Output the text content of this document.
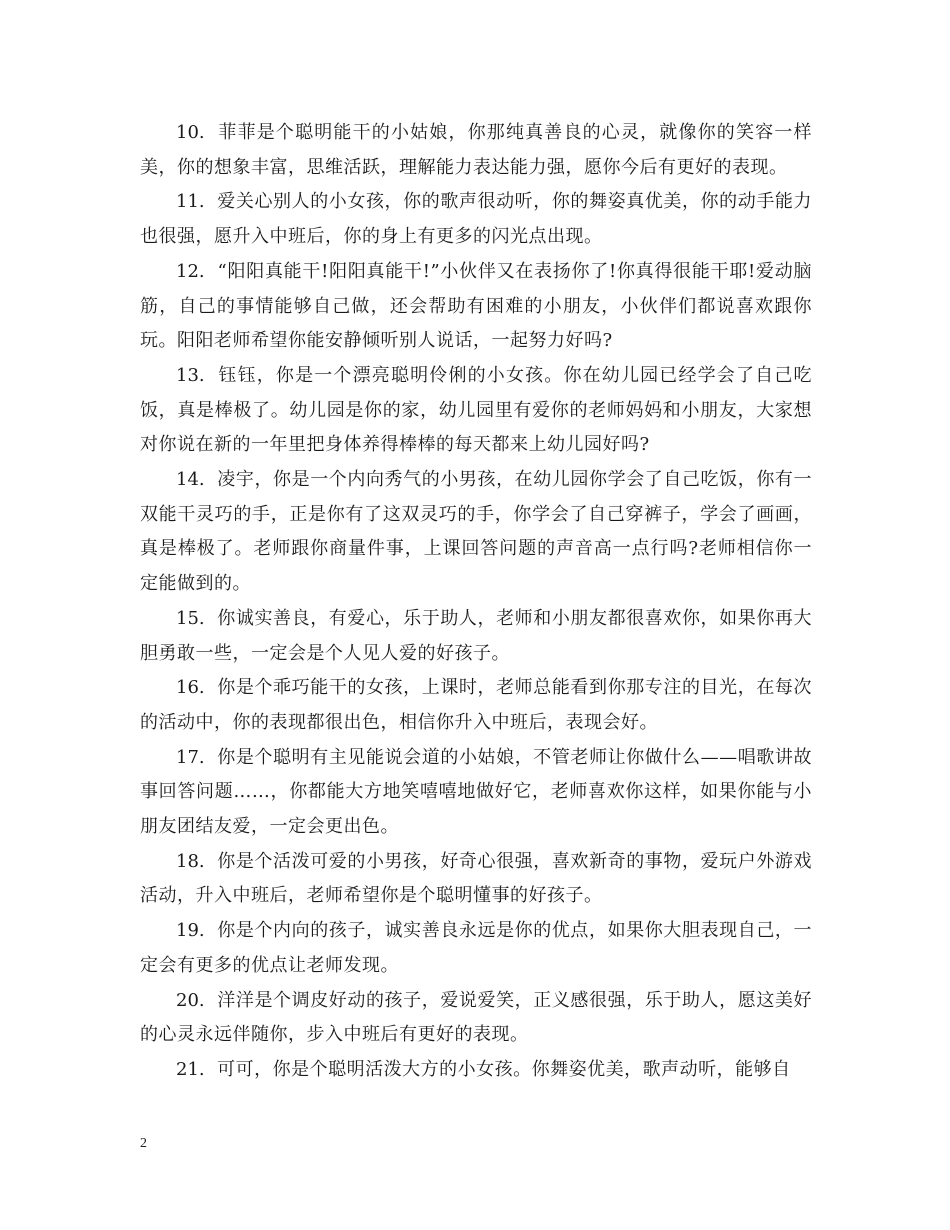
10. 菲菲是个聪明能干的小姑娘，你那纯真善良的心灵，就像你的笑容一样美，你的想象丰富，思维活跃，理解能力表达能力强，愿你今后有更好的表现。

11. 爱关心别人的小女孩，你的歌声很动听，你的舞姿真优美，你的动手能力也很强，愿升入中班后，你的身上有更多的闪光点出现。

12. “阳阳真能干!阳阳真能干!”小伙伴又在表扬你了!你真得很能干耶!爱动脑筋，自己的事情能够自己做，还会帮助有困难的小朋友，小伙伴们都说喜欢跟你玩。阳阳老师希望你能安静倾听别人说话，一起努力好吗?

13. 钰钰，你是一个漂亮聪明伶俐的小女孩。你在幼儿园已经学会了自己吃饭，真是棒极了。幼儿园是你的家，幼儿园里有爱你的老师妈妈和小朋友，大家想对你说在新的一年里把身体养得棒棒的每天都来上幼儿园好吗?

14. 凌宇，你是一个内向秀气的小男孩，在幼儿园你学会了自己吃饭，你有一双能干灵巧的手，正是你有了这双灵巧的手，你学会了自己穿裤子，学会了画画，真是棒极了。老师跟你商量件事，上课回答问题的声音高一点行吗?老师相信你一定能做到的。

15. 你诚实善良，有爱心，乐于助人，老师和小朋友都很喜欢你，如果你再大胆勇敢一些，一定会是个人见人爱的好孩子。

16. 你是个乖巧能干的女孩，上课时，老师总能看到你那专注的目光，在每次的活动中，你的表现都很出色，相信你升入中班后，表现会好。

17. 你是个聪明有主见能说会道的小姑娘，不管老师让你做什么——唱歌讲故事回答问题……，你都能大方地笑嘻嘻地做好它，老师喜欢你这样，如果你能与小朋友团结友爱，一定会更出色。

18. 你是个活泼可爱的小男孩，好奇心很强，喜欢新奇的事物，爱玩户外游戏活动，升入中班后，老师希望你是个聪明懂事的好孩子。

19. 你是个内向的孩子，诚实善良永远是你的优点，如果你大胆表现自己，一定会有更多的优点让老师发现。

20. 洋洋是个调皮好动的孩子，爱说爱笑，正义感很强，乐于助人，愿这美好的心灵永远伴随你，步入中班后有更好的表现。

21. 可可，你是个聪明活泼大方的小女孩。你舞姿优美，歌声动听，能够自

2
